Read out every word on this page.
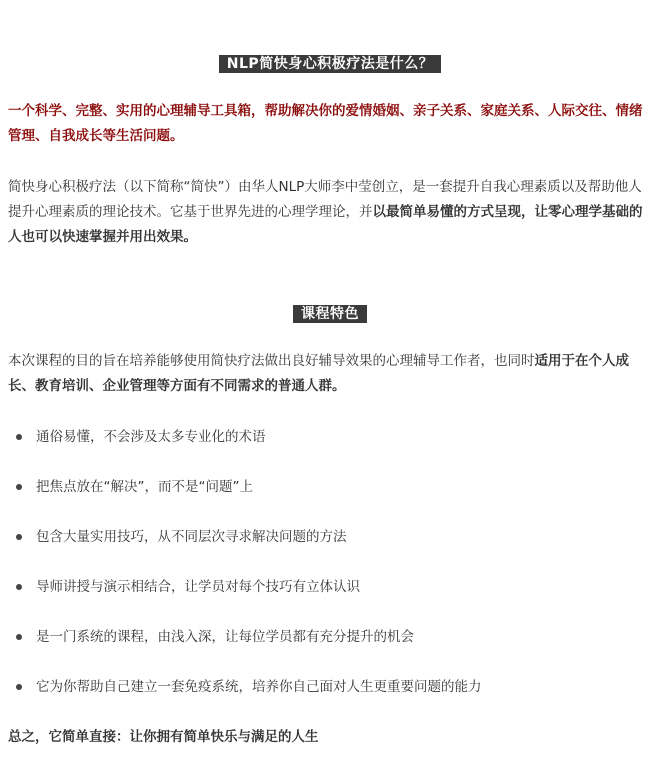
NLP简快身心积极疗法是什么？

一个科学、完整、实用的心理辅导工具箱，帮助解决你的爱情婚姻、亲子关系、家庭关系、人际交往、情绪管理、自我成长等生活问题。

简快身心积极疗法（以下简称“简快”）由华人NLP大师李中莹创立，是一套提升自我心理素质以及帮助他人提升心理素质的理论技术。它基于世界先进的心理学理论，并以最简单易懂的方式呈现，让零心理学基础的人也可以快速掌握并用出效果。

课程特色

本次课程的目的旨在培养能够使用简快疗法做出良好辅导效果的心理辅导工作者，也同时适用于在个人成长、教育培训、企业管理等方面有不同需求的普通人群。

通俗易懂，不会涉及太多专业化的术语
把焦点放在“解决”，而不是“问题”上
包含大量实用技巧，从不同层次寻求解决问题的方法
导师讲授与演示相结合，让学员对每个技巧有立体认识
是一门系统的课程，由浅入深，让每位学员都有充分提升的机会
它为你帮助自己建立一套免疫系统，培养你自己面对人生更重要问题的能力

总之，它简单直接：让你拥有简单快乐与满足的人生
